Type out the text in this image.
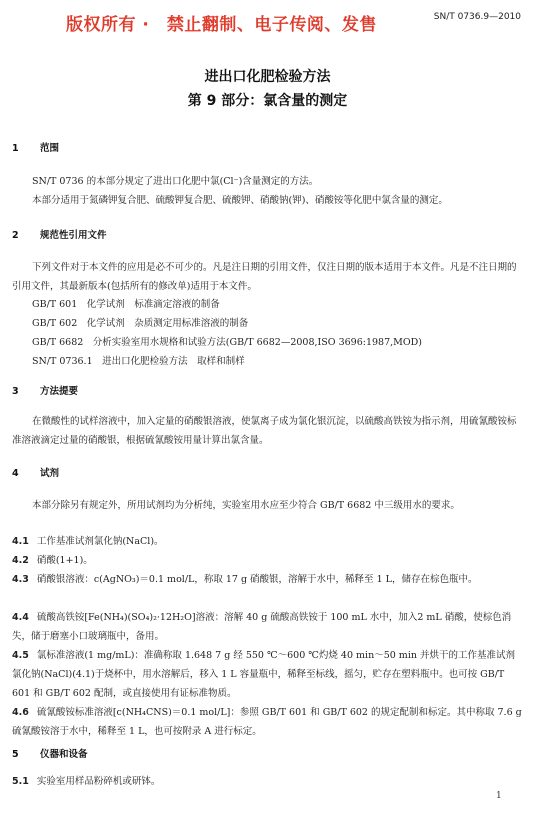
版权所有 ·　禁止翻制、电子传阅、发售	SN/T 0736.9—2010
进出口化肥检验方法
第 9 部分：氯含量的测定
1 范围
SN/T 0736 的本部分规定了进出口化肥中氯(Cl⁻)含量测定的方法。
本部分适用于氮磷钾复合肥、硫酸钾复合肥、硫酸钾、硝酸钠(钾)、硝酸铵等化肥中氯含量的测定。
2 规范性引用文件
下列文件对于本文件的应用是必不可少的。凡是注日期的引用文件，仅注日期的版本适用于本文件。凡是不注日期的引用文件，其最新版本(包括所有的修改单)适用于本文件。
GB/T 601　化学试剂　标准滴定溶液的制备
GB/T 602　化学试剂　杂质测定用标准溶液的制备
GB/T 6682　分析实验室用水规格和试验方法(GB/T 6682—2008,ISO 3696:1987,MOD)
SN/T 0736.1　进出口化肥检验方法　取样和制样
3 方法提要
在微酸性的试样溶液中，加入定量的硝酸银溶液，使氯离子成为氯化银沉淀，以硫酸高铁铵为指示剂，用硫氰酸铵标准溶液滴定过量的硝酸银，根据硫氰酸铵用量计算出氯含量。
4 试剂
本部分除另有规定外，所用试剂均为分析纯，实验室用水应至少符合 GB/T 6682 中三级用水的要求。
4.1 工作基准试剂氯化钠(NaCl)。
4.2 硝酸(1+1)。
4.3 硝酸银溶液：c(AgNO₃)＝0.1 mol/L，称取 17 g 硝酸银，溶解于水中，稀释至 1 L，储存在棕色瓶中。
4.4 硫酸高铁铵[Fe(NH₄)(SO₄)₂·12H₂O]溶液：溶解 40 g 硫酸高铁铵于 100 mL 水中，加入2 mL 硝酸，使棕色消失，储于磨塞小口玻璃瓶中，备用。
4.5 氯标准溶液(1 mg/mL)：准确称取 1.648 7 g 经 550 ℃～600 ℃灼烧 40 min～50 min 并烘干的工作基准试剂氯化钠(NaCl)(4.1)于烧杯中，用水溶解后，移入 1 L 容量瓶中，稀释至标线，摇匀，贮存在塑料瓶中。也可按 GB/T 601 和 GB/T 602 配制，或直接使用有证标准物质。
4.6 硫氰酸铵标准溶液[c(NH₄CNS)＝0.1 mol/L]：参照 GB/T 601 和 GB/T 602 的规定配制和标定。其中称取 7.6 g 硫氰酸铵溶于水中，稀释至 1 L，也可按附录 A 进行标定。
5 仪器和设备
5.1 实验室用样品粉碎机或研钵。
1
